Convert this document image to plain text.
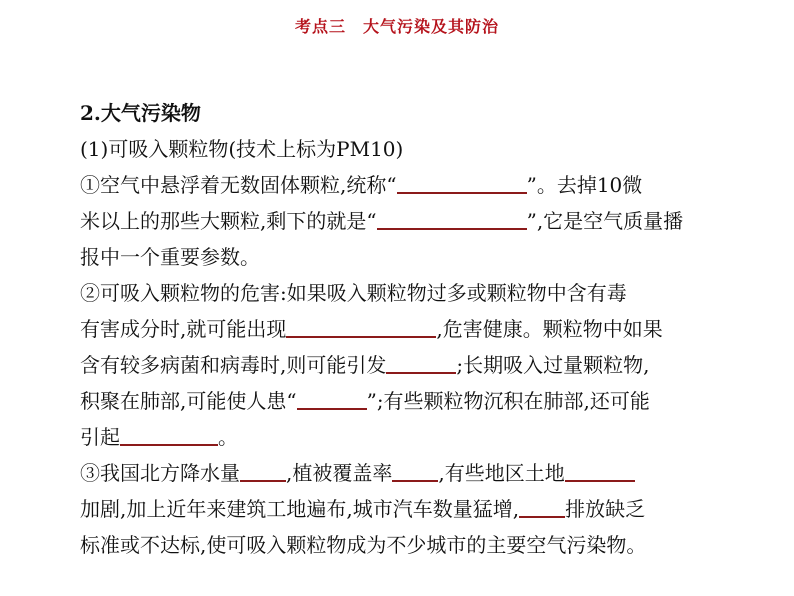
考点三　大气污染及其防治
2.大气污染物
(1)可吸入颗粒物(技术上标为PM10)
①空气中悬浮着无数固体颗粒,统称“	”。去掉10微
米以上的那些大颗粒,剩下的就是“	”,它是空气质量播
报中一个重要参数。
②可吸入颗粒物的危害:如果吸入颗粒物过多或颗粒物中含有毒
有害成分时,就可能出现	,危害健康。颗粒物中如果
含有较多病菌和病毒时,则可能引发	;长期吸入过量颗粒物,
积聚在肺部,可能使人患“	”;有些颗粒物沉积在肺部,还可能
引起	。
③我国北方降水量 ,植被覆盖率 ,有些地区土地
加剧,加上近年来建筑工地遍布,城市汽车数量猛增, 排放缺乏
标准或不达标,使可吸入颗粒物成为不少城市的主要空气污染物。
